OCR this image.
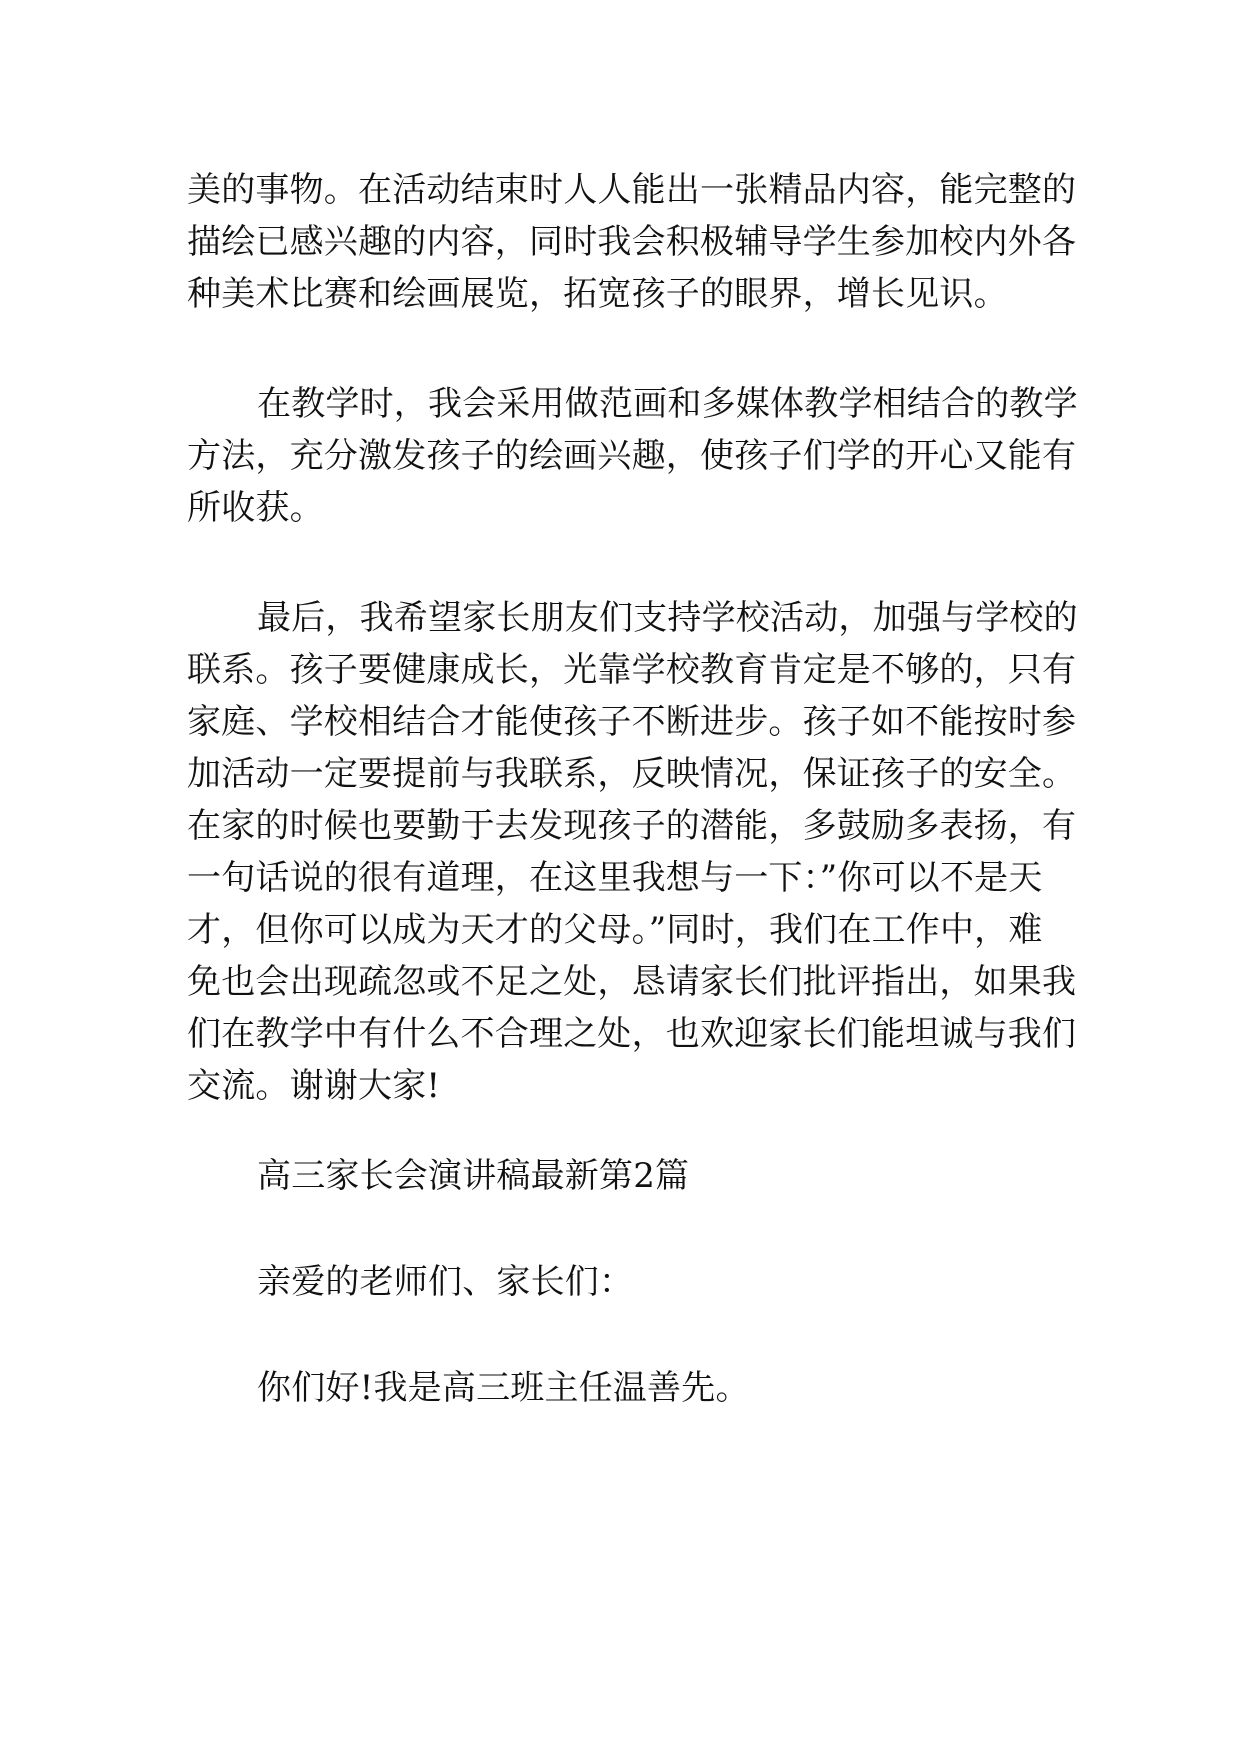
美的事物。在活动结束时人人能出一张精品内容，能完整的
描绘已感兴趣的内容，同时我会积极辅导学生参加校内外各
种美术比赛和绘画展览，拓宽孩子的眼界，增长见识。
在教学时，我会采用做范画和多媒体教学相结合的教学
方法，充分激发孩子的绘画兴趣，使孩子们学的开心又能有
所收获。
最后，我希望家长朋友们支持学校活动，加强与学校的
联系。孩子要健康成长，光靠学校教育肯定是不够的，只有
家庭、学校相结合才能使孩子不断进步。孩子如不能按时参
加活动一定要提前与我联系，反映情况，保证孩子的安全。
在家的时候也要勤于去发现孩子的潜能，多鼓励多表扬，有
一句话说的很有道理，在这里我想与一下：”你可以不是天
才，但你可以成为天才的父母。”同时，我们在工作中，难
免也会出现疏忽或不足之处，恳请家长们批评指出，如果我
们在教学中有什么不合理之处，也欢迎家长们能坦诚与我们
交流。谢谢大家!
高三家长会演讲稿最新第2篇
亲爱的老师们、家长们：
你们好!我是高三班主任温善先。
